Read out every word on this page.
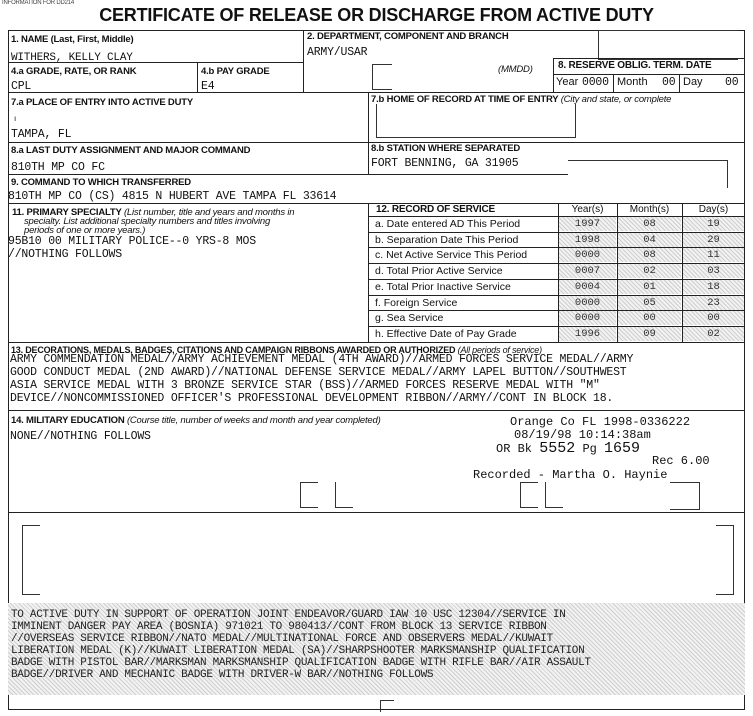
INFORMATION FOR DD214
CERTIFICATE OF RELEASE OR DISCHARGE FROM ACTIVE DUTY
1. NAME (Last, First, Middle)
WITHERS, KELLY CLAY
2. DEPARTMENT, COMPONENT AND BRANCH
ARMY/USAR
4.a GRADE, RATE, OR RANK
CPL
4.b PAY GRADE
E4
(MMDD)	8. RESERVE OBLIG. TERM. DATE
Year 0000 Month 00 Day 00
7.a PLACE OF ENTRY INTO ACTIVE DUTY
ı
TAMPA, FL
7.b HOME OF RECORD AT TIME OF ENTRY (City and state, or complete
8.a LAST DUTY ASSIGNMENT AND MAJOR COMMAND
810TH MP CO FC
8.b STATION WHERE SEPARATED
FORT BENNING, GA 31905
9. COMMAND TO WHICH TRANSFERRED
810TH MP CO (CS) 4815 N HUBERT AVE TAMPA FL 33614
11. PRIMARY SPECIALTY (List number, title and years and months in
specialty. List additional specialty numbers and titles involving
periods of one or more years.)
95B10 00 MILITARY POLICE--0 YRS-8 MOS
//NOTHING FOLLOWS
12. RECORD OF SERVICE	Year(s)	Month(s)	Day(s)
a. Date entered AD This Period	1997	08	19
b. Separation Date This Period	1998	04	29
c. Net Active Service This Period	0000	08	11
d. Total Prior Active Service	0007	02	03
e. Total Prior Inactive Service	0004	01	18
f. Foreign Service	0000	05	23
g. Sea Service	0000	00	00
h. Effective Date of Pay Grade	1996	09	02
13. DECORATIONS, MEDALS, BADGES, CITATIONS AND CAMPAIGN RIBBONS AWARDED OR AUTHORIZED (All periods of service)
ARMY COMMENDATION MEDAL//ARMY ACHIEVEMENT MEDAL (4TH AWARD)//ARMED FORCES SERVICE MEDAL//ARMY
GOOD CONDUCT MEDAL (2ND AWARD)//NATIONAL DEFENSE SERVICE MEDAL//ARMY LAPEL BUTTON//SOUTHWEST
ASIA SERVICE MEDAL WITH 3 BRONZE SERVICE STAR (BSS)//ARMED FORCES RESERVE MEDAL WITH "M"
DEVICE//NONCOMMISSIONED OFFICER'S PROFESSIONAL DEVELOPMENT RIBBON//ARMY//CONT IN BLOCK 18.
14. MILITARY EDUCATION (Course title, number of weeks and month and year completed)
NONE//NOTHING FOLLOWS
Orange Co FL 1998-0336222
08/19/98 10:14:38am
OR Bk 5552 Pg 1659
Rec 6.00
Recorded - Martha O. Haynie
TO ACTIVE DUTY IN SUPPORT OF OPERATION JOINT ENDEAVOR/GUARD IAW 10 USC 12304//SERVICE IN
IMMINENT DANGER PAY AREA (BOSNIA) 971021 TO 980413//CONT FROM BLOCK 13 SERVICE RIBBON
//OVERSEAS SERVICE RIBBON//NATO MEDAL//MULTINATIONAL FORCE AND OBSERVERS MEDAL//KUWAIT
LIBERATION MEDAL (K)//KUWAIT LIBERATION MEDAL (SA)//SHARPSHOOTER MARKSMANSHIP QUALIFICATION
BADGE WITH PISTOL BAR//MARKSMAN MARKSMANSHIP QUALIFICATION BADGE WITH RIFLE BAR//AIR ASSAULT
BADGE//DRIVER AND MECHANIC BADGE WITH DRIVER-W BAR//NOTHING FOLLOWS
